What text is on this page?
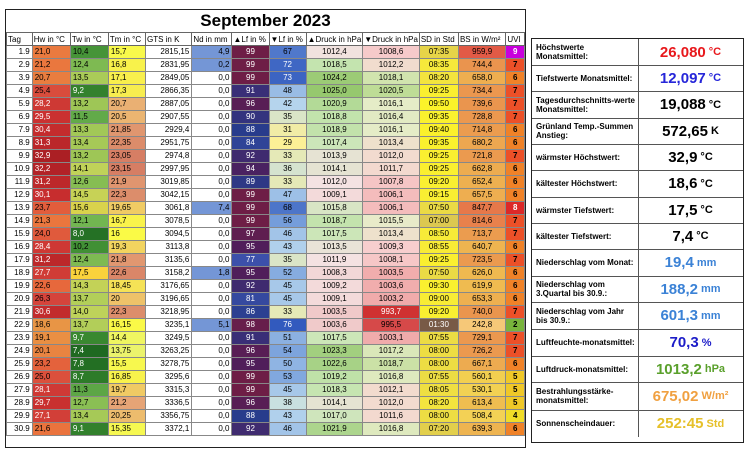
September 2023
Tag	Hw in °C	Tw in °C	Tm in °C	GTS in K	Nd in mm	▲Lf in %	▼Lf in %	▲Druck in hPa	▼Druck in hPa	SD in Std	BS in W/m²	UVI
1.9	21,0	10,4	15,7	2815,15	4,9	99	67	1012,4	1008,6	07:35	959,9	9
2.9	21,2	12,4	16,8	2831,95	0,2	99	72	1018,5	1012,2	08:35	744,4	7
3.9	20,7	13,5	17,1	2849,05	0,0	99	73	1024,2	1018,1	08:20	658,0	6
4.9	25,4	9,2	17,3	2866,35	0,0	91	48	1025,0	1020,5	09:25	734,4	7
5.9	28,2	13,2	20,7	2887,05	0,0	96	42	1020,9	1016,1	09:50	739,6	7
6.9	29,5	11,5	20,5	2907,55	0,0	90	35	1018,8	1016,4	09:35	728,8	7
7.9	30,4	13,3	21,85	2929,4	0,0	88	31	1018,9	1016,1	09:40	714,8	6
8.9	31,3	13,4	22,35	2951,75	0,0	84	29	1017,4	1013,4	09:35	680,2	6
9.9	32,9	13,2	23,05	2974,8	0,0	92	33	1013,9	1012,0	09:25	721,8	7
10.9	32,2	14,1	23,15	2997,95	0,0	94	36	1014,1	1011,7	09:25	662,8	6
11.9	31,2	12,6	21,9	3019,85	0,0	89	33	1012,0	1007,8	09:20	652,4	6
12.9	30,1	14,5	22,3	3042,15	0,0	99	47	1009,1	1006,1	09:15	657,5	6
13.9	23,7	15,6	19,65	3061,8	7,4	99	68	1015,8	1006,1	07:50	847,7	8
14.9	21,3	12,1	16,7	3078,5	0,0	99	56	1018,7	1015,5	07:00	814,6	7
15.9	24,0	8,0	16	3094,5	0,0	97	46	1017,5	1013,4	08:50	713,7	7
16.9	28,4	10,2	19,3	3113,8	0,0	95	43	1013,5	1009,3	08:55	640,7	6
17.9	31,2	12,4	21,8	3135,6	0,0	77	35	1011,9	1008,1	09:25	723,5	7
18.9	27,7	17,5	22,6	3158,2	1,8	95	52	1008,3	1003,5	07:50	626,0	6
19.9	22,6	14,3	18,45	3176,65	0,0	92	45	1009,2	1003,6	09:30	619,9	6
20.9	26,3	13,7	20	3196,65	0,0	81	45	1009,1	1003,2	09:00	653,3	6
21.9	30,6	14,0	22,3	3218,95	0,0	86	33	1003,5	993,7	09:20	740,0	7
22.9	18,6	13,7	16,15	3235,1	5,1	98	76	1003,6	995,5	01:30	242,8	2
23.9	19,1	9,7	14,4	3249,5	0,0	91	51	1017,5	1003,1	07:55	729,1	7
24.9	20,1	7,4	13,75	3263,25	0,0	96	54	1023,3	1017,2	08:00	726,2	7
25.9	23,2	7,8	15,5	3278,75	0,0	95	50	1022,6	1018,7	08:00	667,1	6
26.9	25,0	8,7	16,85	3295,6	0,0	99	53	1019,2	1016,8	07:55	560,1	5
27.9	28,1	11,3	19,7	3315,3	0,0	99	45	1018,3	1012,1	08:05	530,1	5
28.9	29,7	12,7	21,2	3336,5	0,0	96	38	1014,1	1012,0	08:20	613,4	5
29.9	27,1	13,4	20,25	3356,75	0,0	88	43	1017,0	1011,6	08:00	508,4	4
30.9	21,6	9,1	15,35	3372,1	0,0	92	46	1021,9	1016,8	07:20	639,3	6
Höchstwerte Monatsmittel:	26,080 °C
Tiefstwerte Monatsmittel: 12,097 °C
Tagesdurchschnitts-werte Monatsmittel:	19,088 °C
Grünland Temp.-Summen Anstieg:	572,65 K
wärmster Höchstwert:	32,9 °C
kältester Höchstwert:	18,6 °C
wärmster Tiefstwert:	17,5 °C
kältester Tiefstwert:	7,4 °C
Niederschlag vom Monat: 19,4 mm
Niederschlag vom 3.Quartal bis 30.9.:	188,2 mm
Niederschlag vom Jahr bis 30.9.:	601,3 mm
Luftfeuchte-monatsmittel: 70,3 %
Luftdruck-monatsmittel:	1013,2 hPa
Bestrahlungsstärke-monatsmittel:	675,02 W/m²
Sonnenscheindauer:	252:45 Std
